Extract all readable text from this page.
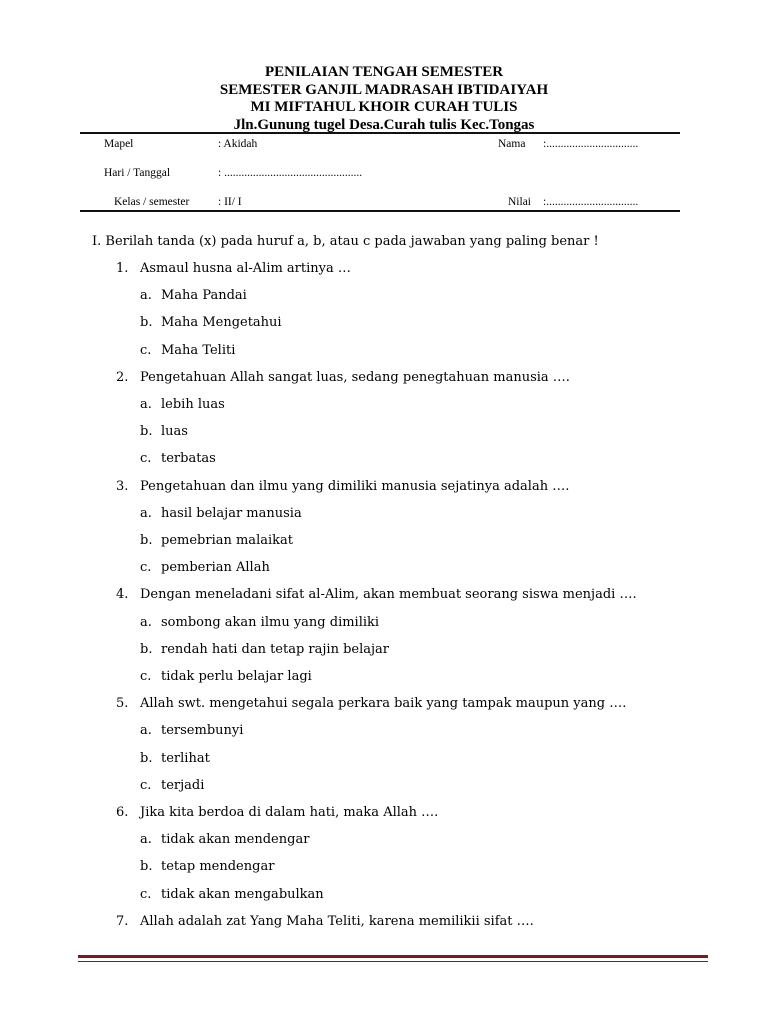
PENILAIAN TENGAH SEMESTER
SEMESTER GANJIL MADRASAH IBTIDAIYAH
MI MIFTAHUL KHOIR CURAH TULIS
Jln.Gunung tugel Desa.Curah tulis Kec.Tongas
Mapel	: Akidah	Nama :................................
Hari / Tanggal	: ................................................
Kelas / semester : II/ I	Nilai :................................
I. Berilah tanda (x) pada huruf a, b, atau c pada jawaban yang paling benar !
1. Asmaul husna al-Alim artinya …
a. Maha Pandai
b. Maha Mengetahui
c. Maha Teliti
2. Pengetahuan Allah sangat luas, sedang penegtahuan manusia ….
a. lebih luas
b. luas
c. terbatas
3. Pengetahuan dan ilmu yang dimiliki manusia sejatinya adalah ….
a. hasil belajar manusia
b. pemebrian malaikat
c. pemberian Allah
4. Dengan meneladani sifat al-Alim, akan membuat seorang siswa menjadi ….
a. sombong akan ilmu yang dimiliki
b. rendah hati dan tetap rajin belajar
c. tidak perlu belajar lagi
5. Allah swt. mengetahui segala perkara baik yang tampak maupun yang ….
a. tersembunyi
b. terlihat
c. terjadi
6. Jika kita berdoa di dalam hati, maka Allah ….
a. tidak akan mendengar
b. tetap mendengar
c. tidak akan mengabulkan
7. Allah adalah zat Yang Maha Teliti, karena memilikii sifat ….
